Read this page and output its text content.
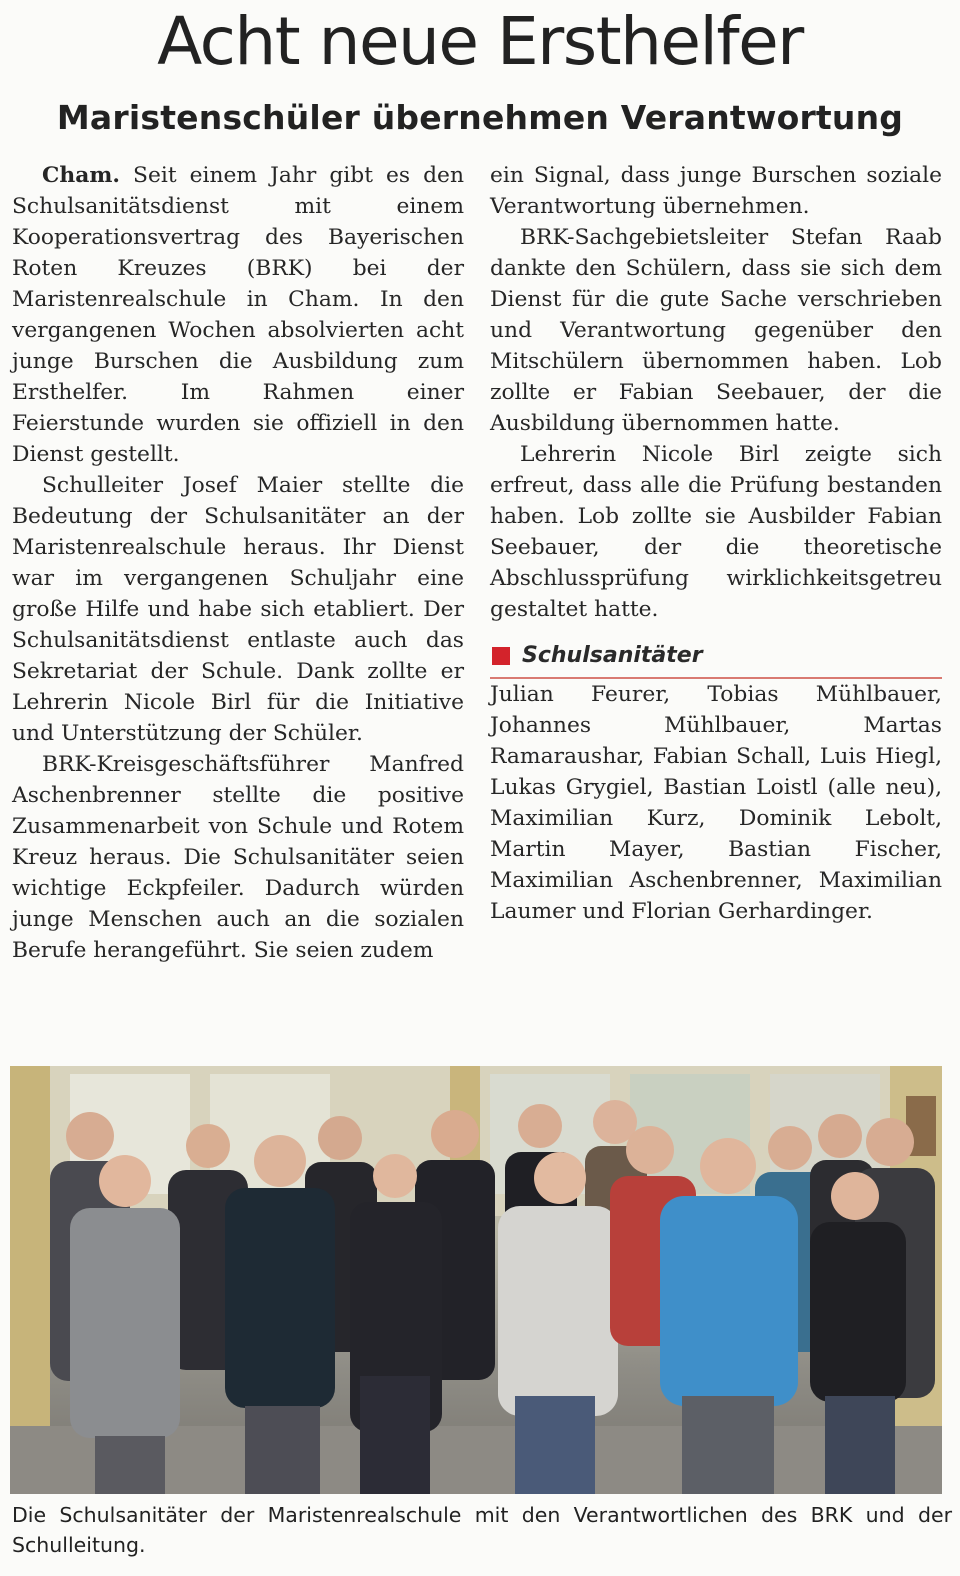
Acht neue Ersthelfer
Maristenschüler übernehmen Verantwortung

Cham. Seit einem Jahr gibt es den Schulsanitätsdienst mit einem Kooperationsvertrag des Bayerischen Roten Kreuzes (BRK) bei der Maristenrealschule in Cham. In den vergangenen Wochen absolvierten acht junge Burschen die Ausbildung zum Ersthelfer. Im Rahmen einer Feierstunde wurden sie offiziell in den Dienst gestellt.

Schulleiter Josef Maier stellte die Bedeutung der Schulsanitäter an der Maristenrealschule heraus. Ihr Dienst war im vergangenen Schuljahr eine große Hilfe und habe sich etabliert. Der Schulsanitätsdienst entlaste auch das Sekretariat der Schule. Dank zollte er Lehrerin Nicole Birl für die Initiative und Unterstützung der Schüler.

BRK-Kreisgeschäftsführer Manfred Aschenbrenner stellte die positive Zusammenarbeit von Schule und Rotem Kreuz heraus. Die Schulsanitäter seien wichtige Eckpfeiler. Dadurch würden junge Menschen auch an die sozialen Berufe herangeführt. Sie seien zudem

ein Signal, dass junge Burschen soziale Verantwortung übernehmen.

BRK-Sachgebietsleiter Stefan Raab dankte den Schülern, dass sie sich dem Dienst für die gute Sache verschrieben und Verantwortung gegenüber den Mitschülern übernommen haben. Lob zollte er Fabian Seebauer, der die Ausbildung übernommen hatte.

Lehrerin Nicole Birl zeigte sich erfreut, dass alle die Prüfung bestanden haben. Lob zollte sie Ausbilder Fabian Seebauer, der die theoretische Abschlussprüfung wirklichkeitsgetreu gestaltet hatte.

Schulsanitäter

Julian Feurer, Tobias Mühlbauer, Johannes Mühlbauer, Martas Ramaraushar, Fabian Schall, Luis Hiegl, Lukas Grygiel, Bastian Loistl (alle neu), Maximilian Kurz, Dominik Lebolt, Martin Mayer, Bastian Fischer, Maximilian Aschenbrenner, Maximilian Laumer und Florian Gerhardinger.

Die Schulsanitäter der Maristenrealschule mit den Verantwortlichen des BRK und der Schulleitung.
